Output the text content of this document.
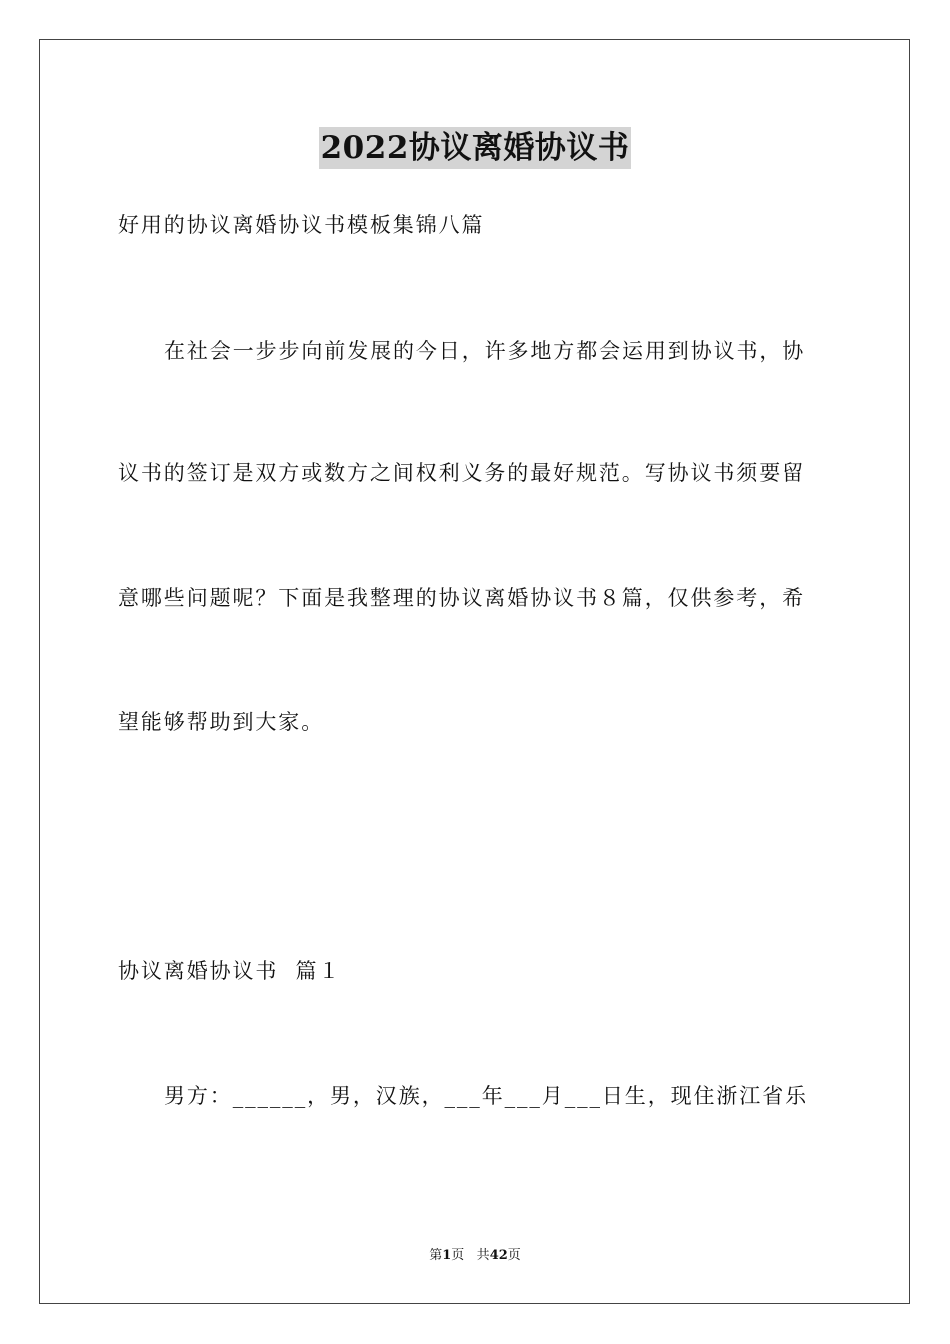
2022协议离婚协议书
好用的协议离婚协议书模板集锦八篇
在社会一步步向前发展的今日，许多地方都会运用到协议书，协
议书的签订是双方或数方之间权利义务的最好规范。写协议书须要留
意哪些问题呢？下面是我整理的协议离婚协议书８篇，仅供参考，希
望能够帮助到大家。
协议离婚协议书  篇１
男方：______，男，汉族，___年___月___日生，现住浙江省乐
第1页 共42页
